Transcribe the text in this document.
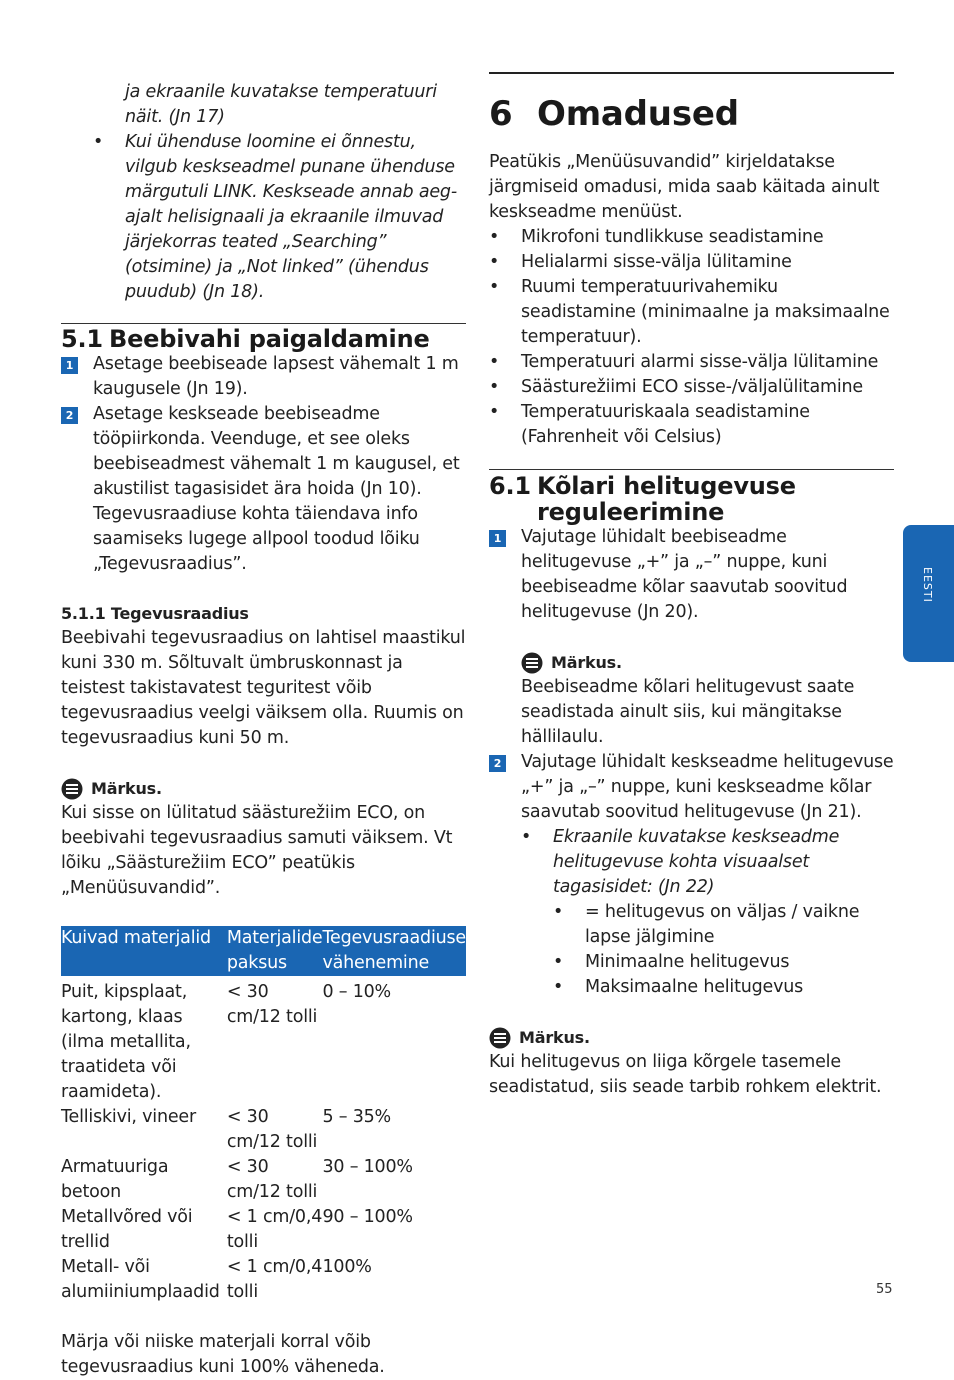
ja ekraanile kuvatakse temperatuuri
näit. (Jn 17)
• Kui ühenduse loomine ei õnnestu, vilgub keskseadmel punane ühenduse märgutuli LINK. Keskseade annab aeg-ajalt helisignaali ja ekraanile ilmuvad järjekorras teated „Searching” (otsimine) ja „Not linked” (ühendus puudub) (Jn 18).
5.1 Beebivahi paigaldamine
1 Asetage beebiseade lapsest vähemalt 1 m kaugusele (Jn 19).
2 Asetage keskseade beebiseadme tööpiirkonda. Veenduge, et see oleks beebiseadmest vähemalt 1 m kaugusel, et akustilist tagasisidet ära hoida (Jn 10).
Tegevusraadiuse kohta täiendava info saamiseks lugege allpool toodud lõiku „Tegevusraadius”.
5.1.1 Tegevusraadius
Beebivahi tegevusraadius on lahtisel maastikul kuni 330 m. Sõltuvalt ümbruskonnast ja teistest takistavatest teguritest võib tegevusraadius veelgi väiksem olla. Ruumis on tegevusraadius kuni 50 m.
Märkus.
Kui sisse on lülitatud säästurežiim ECO, on beebivahi tegevusraadius samuti väiksem. Vt lõiku „Säästurežiim ECO” peatükis „Menüüsuvandid”.
Kuivad materjalid	Materjalide paksus	Tegevusraadiuse vähenemine
Puit, kipsplaat, kartong, klaas (ilma metallita, traatideta või raamideta).	< 30 cm/12 tolli	0 – 10%
Telliskivi, vineer	< 30 cm/12 tolli	5 – 35%
Armatuuriga betoon	< 30 cm/12 tolli	30 – 100%
Metallvõred või trellid	< 1 cm/0,4 tolli	90 – 100%
Metall- või alumiiniumplaadid	< 1 cm/0,4 tolli	100%
Märja või niiske materjali korral võib tegevusraadius kuni 100% väheneda.
6 Omadused
Peatükis „Menüüsuvandid” kirjeldatakse järgmiseid omadusi, mida saab käitada ainult keskseadme menüüst.
• Mikrofoni tundlikkuse seadistamine
• Helialarmi sisse-välja lülitamine
• Ruumi temperatuurivahemiku seadistamine (minimaalne ja maksimaalne temperatuur).
• Temperatuuri alarmi sisse-välja lülitamine
• Säästurežiimi ECO sisse-/väljalülitamine
• Temperatuuriskaala seadistamine (Fahrenheit või Celsius)
6.1 Kõlari helitugevuse
reguleerimine
1 Vajutage lühidalt beebiseadme helitugevuse „+” ja „–” nuppe, kuni beebiseadme kõlar saavutab soovitud helitugevuse (Jn 20).
Märkus.
Beebiseadme kõlari helitugevust saate seadistada ainult siis, kui mängitakse hällilaulu.
2 Vajutage lühidalt keskseadme helitugevuse „+” ja „–” nuppe, kuni keskseadme kõlar saavutab soovitud helitugevuse (Jn 21).
• Ekraanile kuvatakse keskseadme helitugevuse kohta visuaalset tagasisidet: (Jn 22)
• = helitugevus on väljas / vaikne lapse jälgimine
• Minimaalne helitugevus
• Maksimaalne helitugevus
Märkus.
Kui helitugevus on liiga kõrgele tasemele seadistatud, siis seade tarbib rohkem elektrit.
EESTI
55
